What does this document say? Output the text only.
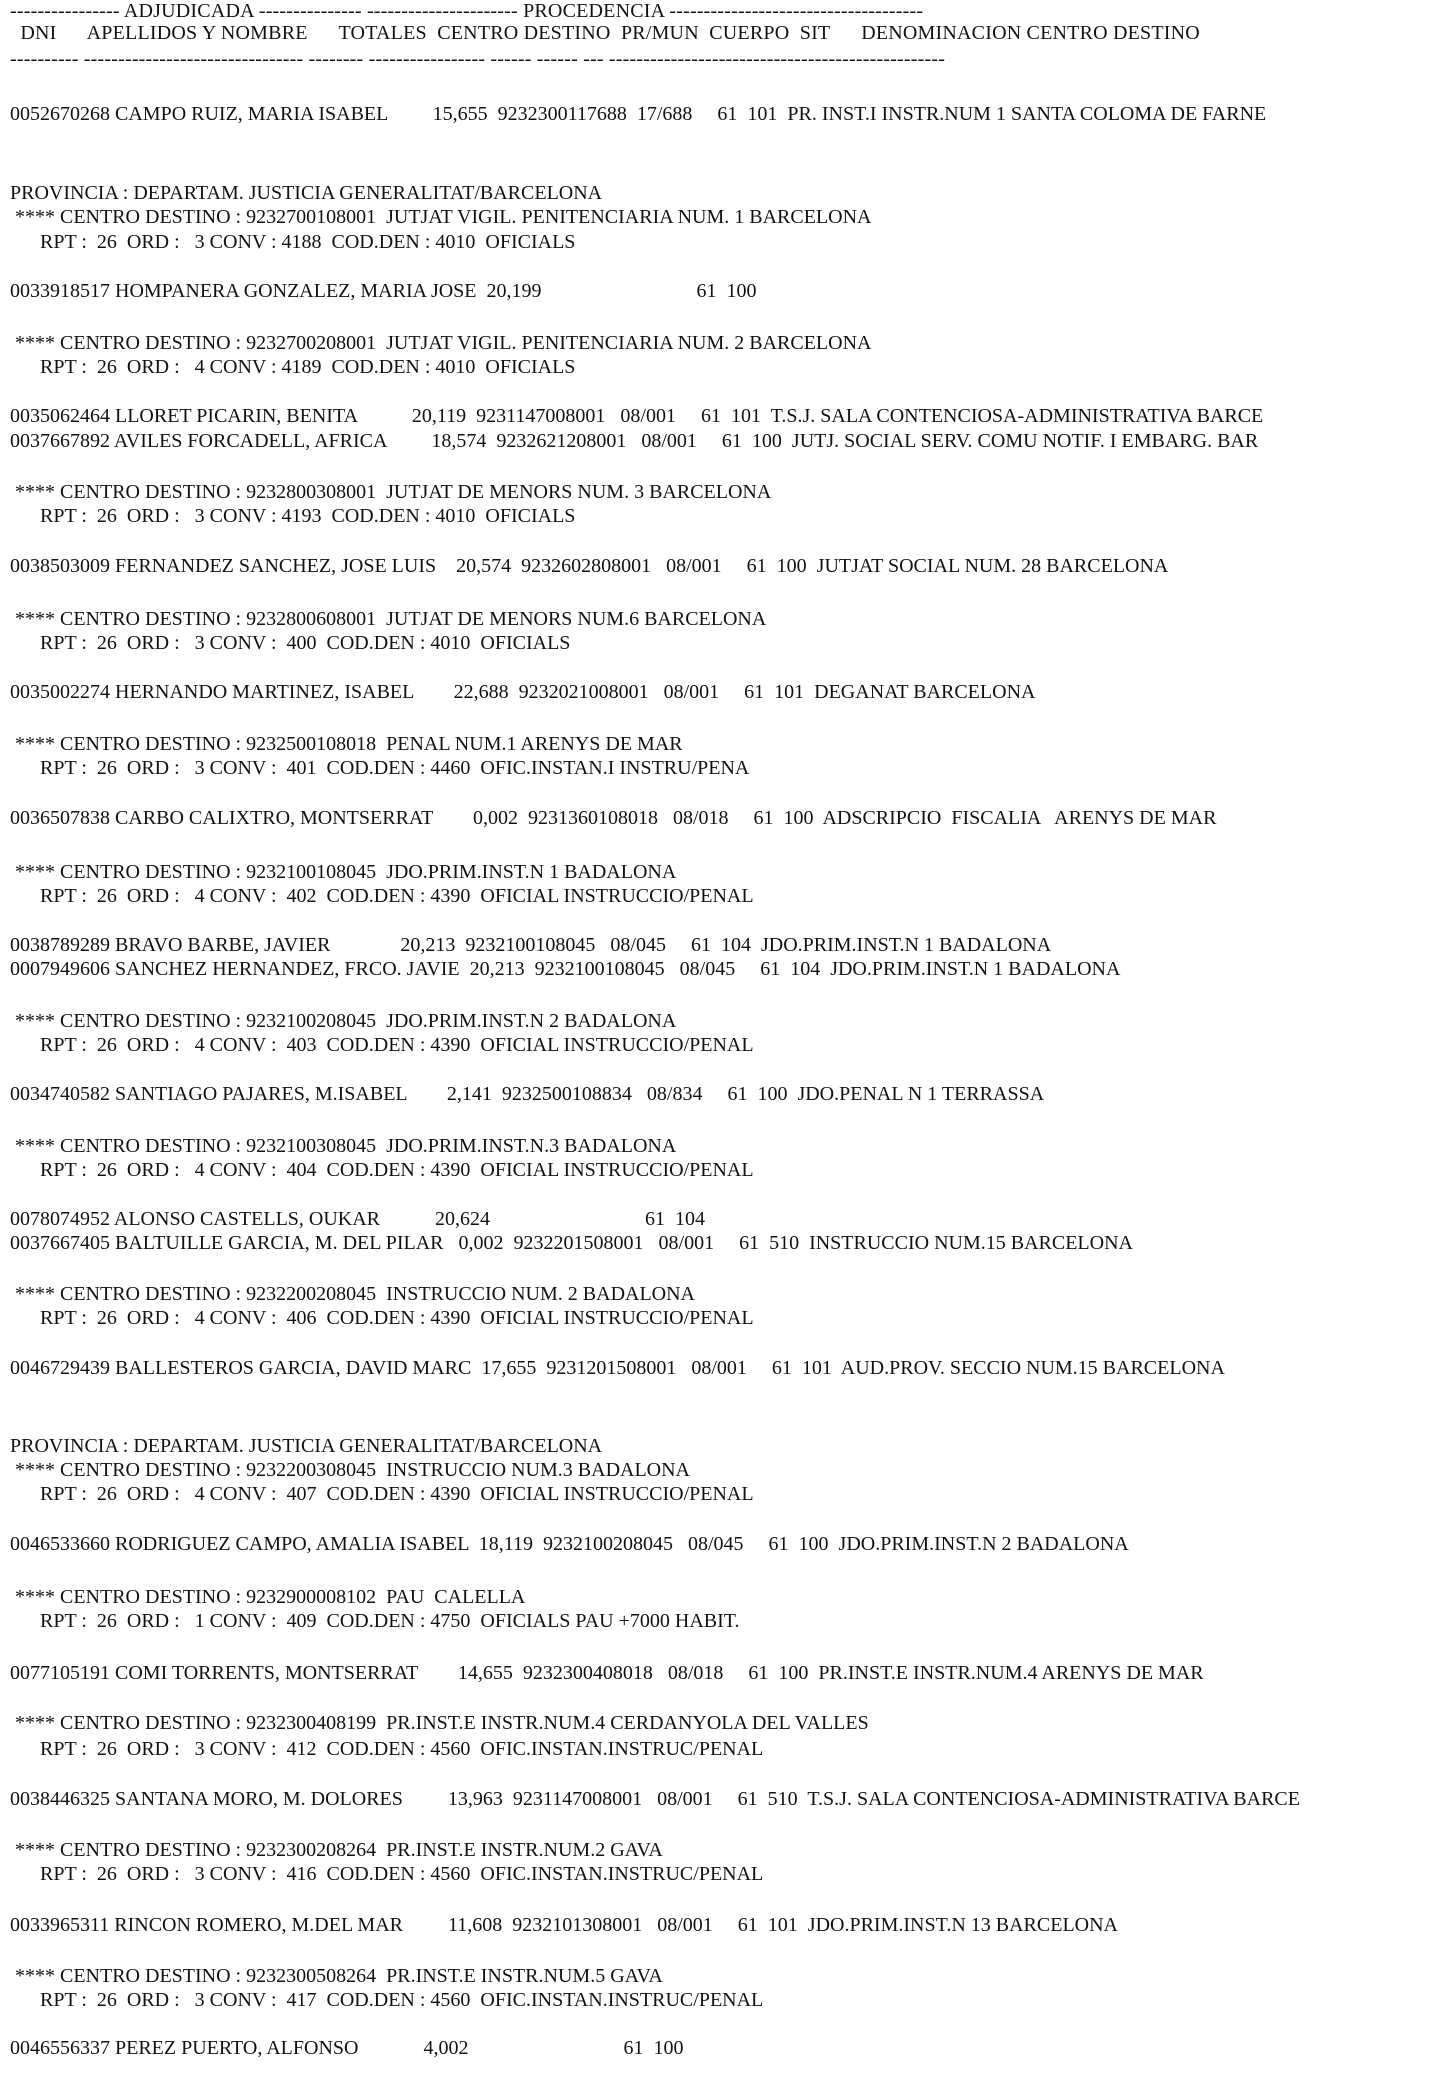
---------------- ADJUDICADA --------------- ---------------------- PROCEDENCIA -------------------------------------
DNI      APELLIDOS Y NOMBRE      TOTALES  CENTRO DESTINO  PR/MUN  CUERPO  SIT      DENOMINACION CENTRO DESTINO
---------- -------------------------------- -------- ----------------- ------ ------ --- -------------------------------------------------
0052670268 CAMPO RUIZ, MARIA ISABEL         15,655  9232300117688  17/688     61  101  PR. INST.I INSTR.NUM 1 SANTA COLOMA DE FARNE
PROVINCIA : DEPARTAM. JUSTICIA GENERALITAT/BARCELONA
**** CENTRO DESTINO : 9232700108001  JUTJAT VIGIL. PENITENCIARIA NUM. 1 BARCELONA
RPT :  26  ORD :   3 CONV : 4188  COD.DEN : 4010  OFICIALS
0033918517 HOMPANERA GONZALEZ, MARIA JOSE  20,199                               61  100
**** CENTRO DESTINO : 9232700208001  JUTJAT VIGIL. PENITENCIARIA NUM. 2 BARCELONA
RPT :  26  ORD :   4 CONV : 4189  COD.DEN : 4010  OFICIALS
0035062464 LLORET PICARIN, BENITA           20,119  9231147008001   08/001     61  101  T.S.J. SALA CONTENCIOSA-ADMINISTRATIVA BARCE
0037667892 AVILES FORCADELL, AFRICA         18,574  9232621208001   08/001     61  100  JUTJ. SOCIAL SERV. COMU NOTIF. I EMBARG. BAR
**** CENTRO DESTINO : 9232800308001  JUTJAT DE MENORS NUM. 3 BARCELONA
RPT :  26  ORD :   3 CONV : 4193  COD.DEN : 4010  OFICIALS
0038503009 FERNANDEZ SANCHEZ, JOSE LUIS    20,574  9232602808001   08/001     61  100  JUTJAT SOCIAL NUM. 28 BARCELONA
**** CENTRO DESTINO : 9232800608001  JUTJAT DE MENORS NUM.6 BARCELONA
RPT :  26  ORD :   3 CONV :  400  COD.DEN : 4010  OFICIALS
0035002274 HERNANDO MARTINEZ, ISABEL        22,688  9232021008001   08/001     61  101  DEGANAT BARCELONA
**** CENTRO DESTINO : 9232500108018  PENAL NUM.1 ARENYS DE MAR
RPT :  26  ORD :   3 CONV :  401  COD.DEN : 4460  OFIC.INSTAN.I INSTRU/PENA
0036507838 CARBO CALIXTRO, MONTSERRAT        0,002  9231360108018   08/018     61  100  ADSCRIPCIO  FISCALIA   ARENYS DE MAR
**** CENTRO DESTINO : 9232100108045  JDO.PRIM.INST.N 1 BADALONA
RPT :  26  ORD :   4 CONV :  402  COD.DEN : 4390  OFICIAL INSTRUCCIO/PENAL
0038789289 BRAVO BARBE, JAVIER              20,213  9232100108045   08/045     61  104  JDO.PRIM.INST.N 1 BADALONA
0007949606 SANCHEZ HERNANDEZ, FRCO. JAVIE  20,213  9232100108045   08/045     61  104  JDO.PRIM.INST.N 1 BADALONA
**** CENTRO DESTINO : 9232100208045  JDO.PRIM.INST.N 2 BADALONA
RPT :  26  ORD :   4 CONV :  403  COD.DEN : 4390  OFICIAL INSTRUCCIO/PENAL
0034740582 SANTIAGO PAJARES, M.ISABEL        2,141  9232500108834   08/834     61  100  JDO.PENAL N 1 TERRASSA
**** CENTRO DESTINO : 9232100308045  JDO.PRIM.INST.N.3 BADALONA
RPT :  26  ORD :   4 CONV :  404  COD.DEN : 4390  OFICIAL INSTRUCCIO/PENAL
0078074952 ALONSO CASTELLS, OUKAR           20,624                               61  104
0037667405 BALTUILLE GARCIA, M. DEL PILAR   0,002  9232201508001   08/001     61  510  INSTRUCCIO NUM.15 BARCELONA
**** CENTRO DESTINO : 9232200208045  INSTRUCCIO NUM. 2 BADALONA
RPT :  26  ORD :   4 CONV :  406  COD.DEN : 4390  OFICIAL INSTRUCCIO/PENAL
0046729439 BALLESTEROS GARCIA, DAVID MARC  17,655  9231201508001   08/001     61  101  AUD.PROV. SECCIO NUM.15 BARCELONA
PROVINCIA : DEPARTAM. JUSTICIA GENERALITAT/BARCELONA
**** CENTRO DESTINO : 9232200308045  INSTRUCCIO NUM.3 BADALONA
RPT :  26  ORD :   4 CONV :  407  COD.DEN : 4390  OFICIAL INSTRUCCIO/PENAL
0046533660 RODRIGUEZ CAMPO, AMALIA ISABEL  18,119  9232100208045   08/045     61  100  JDO.PRIM.INST.N 2 BADALONA
**** CENTRO DESTINO : 9232900008102  PAU  CALELLA
RPT :  26  ORD :   1 CONV :  409  COD.DEN : 4750  OFICIALS PAU +7000 HABIT.
0077105191 COMI TORRENTS, MONTSERRAT        14,655  9232300408018   08/018     61  100  PR.INST.E INSTR.NUM.4 ARENYS DE MAR
**** CENTRO DESTINO : 9232300408199  PR.INST.E INSTR.NUM.4 CERDANYOLA DEL VALLES
RPT :  26  ORD :   3 CONV :  412  COD.DEN : 4560  OFIC.INSTAN.INSTRUC/PENAL
0038446325 SANTANA MORO, M. DOLORES         13,963  9231147008001   08/001     61  510  T.S.J. SALA CONTENCIOSA-ADMINISTRATIVA BARCE
**** CENTRO DESTINO : 9232300208264  PR.INST.E INSTR.NUM.2 GAVA
RPT :  26  ORD :   3 CONV :  416  COD.DEN : 4560  OFIC.INSTAN.INSTRUC/PENAL
0033965311 RINCON ROMERO, M.DEL MAR         11,608  9232101308001   08/001     61  101  JDO.PRIM.INST.N 13 BARCELONA
**** CENTRO DESTINO : 9232300508264  PR.INST.E INSTR.NUM.5 GAVA
RPT :  26  ORD :   3 CONV :  417  COD.DEN : 4560  OFIC.INSTAN.INSTRUC/PENAL
0046556337 PEREZ PUERTO, ALFONSO             4,002                               61  100
